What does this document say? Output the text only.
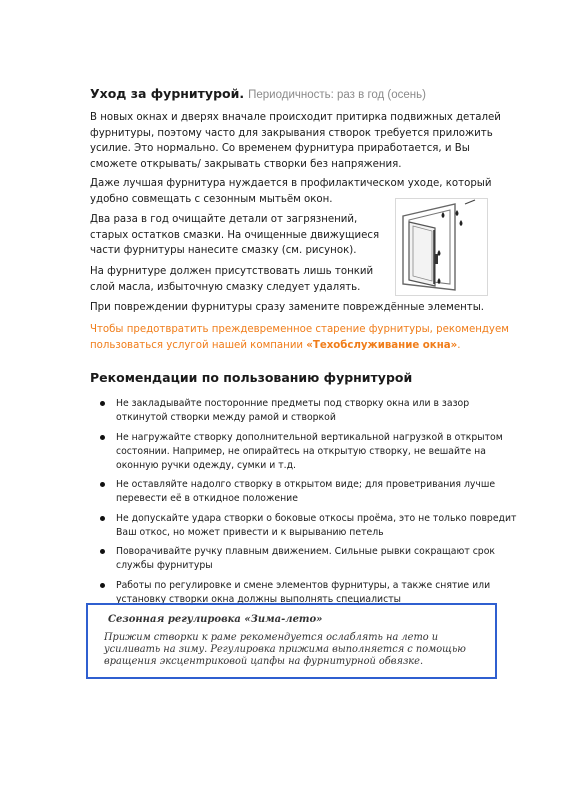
Уход за фурнитурой. Периодичность: раз в год (осень)

В новых окнах и дверях вначале происходит притирка подвижных деталей фурнитуры, поэтому часто для закрывания створок требуется приложить усилие. Это нормально. Со временем фурнитура приработается, и Вы сможете открывать/ закрывать створки без напряжения.

Даже лучшая фурнитура нуждается в профилактическом уходе, который удобно совмещать с сезонным мытьём окон.

Два раза в год очищайте детали от загрязнений, старых остатков смазки. На очищенные движущиеся части фурнитуры нанесите смазку (см. рисунок).

На фурнитуре должен присутствовать лишь тонкий слой масла, избыточную смазку следует удалять.

При повреждении фурнитуры сразу замените повреждённые элементы.

Чтобы предотвратить преждевременное старение фурнитуры, рекомендуем пользоваться услугой нашей компании «Техобслуживание окна».

Рекомендации по пользованию фурнитурой
Не закладывайте посторонние предметы под створку окна или в зазор откинутой створки между рамой и створкой
Не нагружайте створку дополнительной вертикальной нагрузкой в открытом состоянии. Например, не опирайтесь на открытую створку, не вешайте на оконную ручки одежду, сумки и т.д.
Не оставляйте надолго створку в открытом виде; для проветривания лучше перевести её в откидное положение
Не допускайте удара створки о боковые откосы проёма, это не только повредит Ваш откос, но может привести и к вырыванию петель
Поворачивайте ручку плавным движением. Сильные рывки сокращают срок службы фурнитуры
Работы по регулировке и смене элементов фурнитуры, а также снятие или установку створки окна должны выполнять специалисты

Сезонная регулировка «Зима-лето»

Прижим створки к раме рекомендуется ослаблять на лето и усиливать на зиму. Регулировка прижима выполняется с помощью вращения эксцентриковой цапфы на фурнитурной обвязке.
